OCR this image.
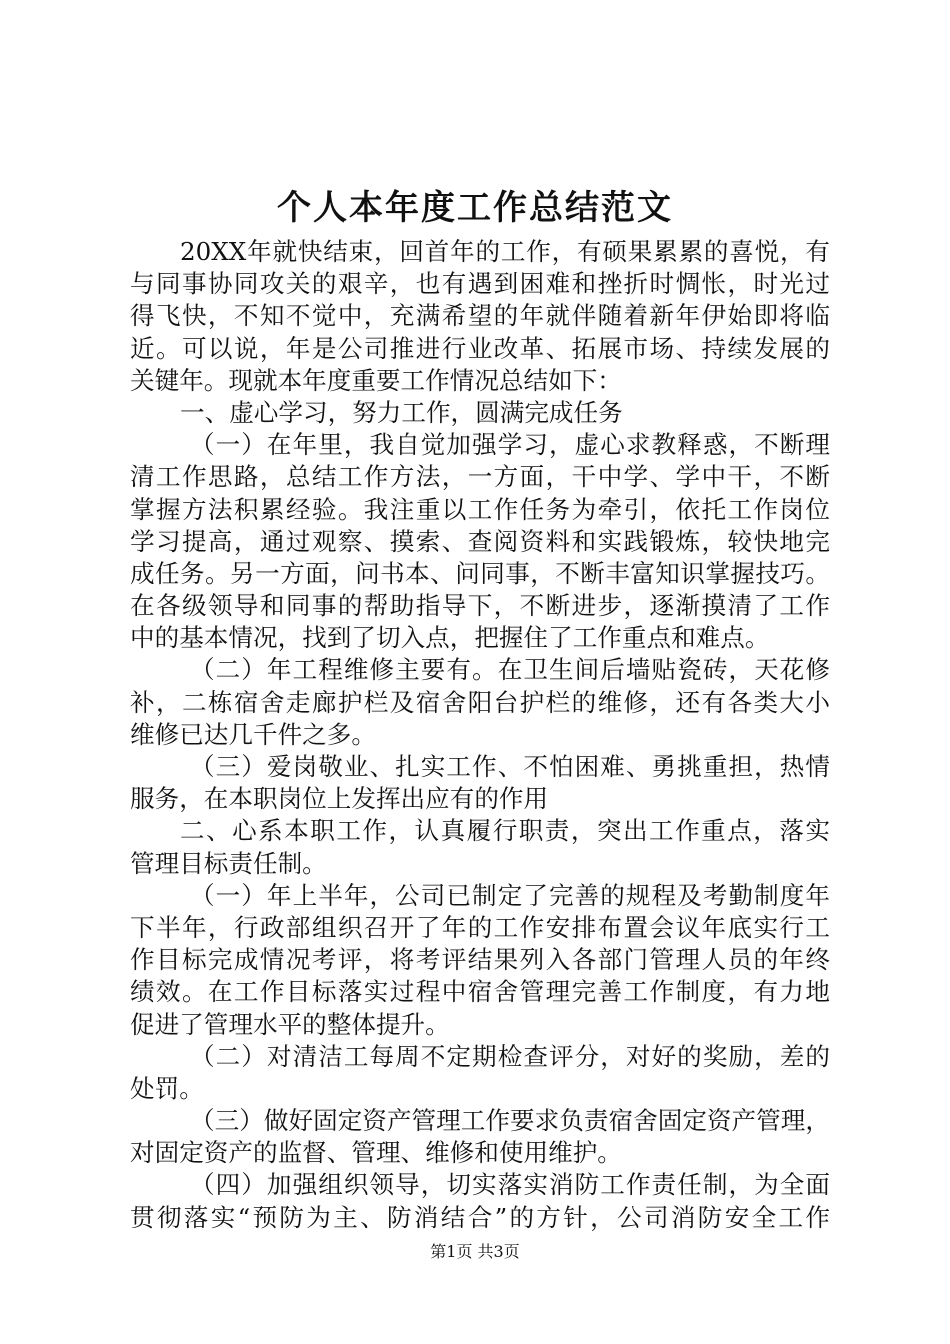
个人本年度工作总结范文
20XX年就快结束，回首年的工作，有硕果累累的喜悦，有
与同事协同攻关的艰辛，也有遇到困难和挫折时惆怅，时光过
得飞快，不知不觉中，充满希望的年就伴随着新年伊始即将临
近。可以说，年是公司推进行业改革、拓展市场、持续发展的
关键年。现就本年度重要工作情况总结如下：
一、虚心学习，努力工作，圆满完成任务
（一）在年里，我自觉加强学习，虚心求教释惑，不断理
清工作思路，总结工作方法，一方面，干中学、学中干，不断
掌握方法积累经验。我注重以工作任务为牵引，依托工作岗位
学习提高，通过观察、摸索、查阅资料和实践锻炼，较快地完
成任务。另一方面，问书本、问同事，不断丰富知识掌握技巧。
在各级领导和同事的帮助指导下，不断进步，逐渐摸清了工作
中的基本情况，找到了切入点，把握住了工作重点和难点。
（二）年工程维修主要有。在卫生间后墙贴瓷砖，天花修
补，二栋宿舍走廊护栏及宿舍阳台护栏的维修，还有各类大小
维修已达几千件之多。
（三）爱岗敬业、扎实工作、不怕困难、勇挑重担，热情
服务，在本职岗位上发挥出应有的作用
二、心系本职工作，认真履行职责，突出工作重点，落实
管理目标责任制。
（一）年上半年，公司已制定了完善的规程及考勤制度年
下半年，行政部组织召开了年的工作安排布置会议年底实行工
作目标完成情况考评，将考评结果列入各部门管理人员的年终
绩效。在工作目标落实过程中宿舍管理完善工作制度，有力地
促进了管理水平的整体提升。
（二）对清洁工每周不定期检查评分，对好的奖励，差的
处罚。
（三）做好固定资产管理工作要求负责宿舍固定资产管理，
对固定资产的监督、管理、维修和使用维护。
（四）加强组织领导，切实落实消防工作责任制，为全面
贯彻落实“预防为主、防消结合”的方针，公司消防安全工作
第1页 共3页
